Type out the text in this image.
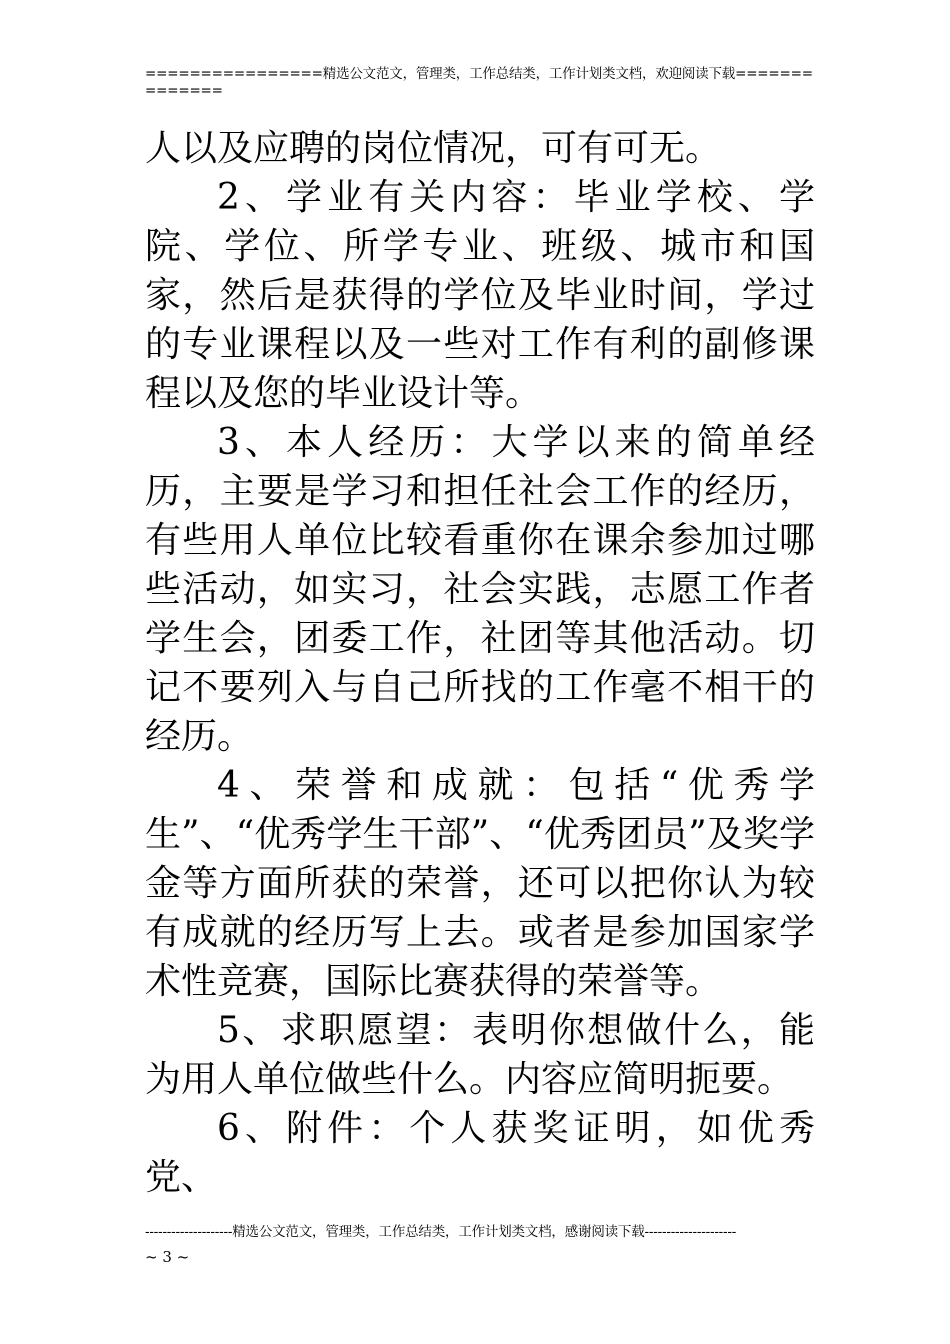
================精选公文范文，管理类，工作总结类，工作计划类文档，欢迎阅读下载==============

人以及应聘的岗位情况，可有可无。

2、学业有关内容：毕业学校、学院、学位、所学专业、班级、城市和国家，然后是获得的学位及毕业时间，学过的专业课程以及一些对工作有利的副修课程以及您的毕业设计等。

3、本人经历：大学以来的简单经历，主要是学习和担任社会工作的经历，有些用人单位比较看重你在课余参加过哪些活动，如实习，社会实践，志愿工作者学生会，团委工作，社团等其他活动。切记不要列入与自己所找的工作毫不相干的经历。

4、荣誉和成就：包括“优秀学生”、“优秀学生干部”、“优秀团员”及奖学金等方面所获的荣誉，还可以把你认为较有成就的经历写上去。或者是参加国家学术性竞赛，国际比赛获得的荣誉等。

5、求职愿望：表明你想做什么，能为用人单位做些什么。内容应简明扼要。

6、附件：个人获奖证明，如优秀党、

--------------------精选公文范文，管理类，工作总结类，工作计划类文档，感谢阅读下载---------------------
~ 3 ~
